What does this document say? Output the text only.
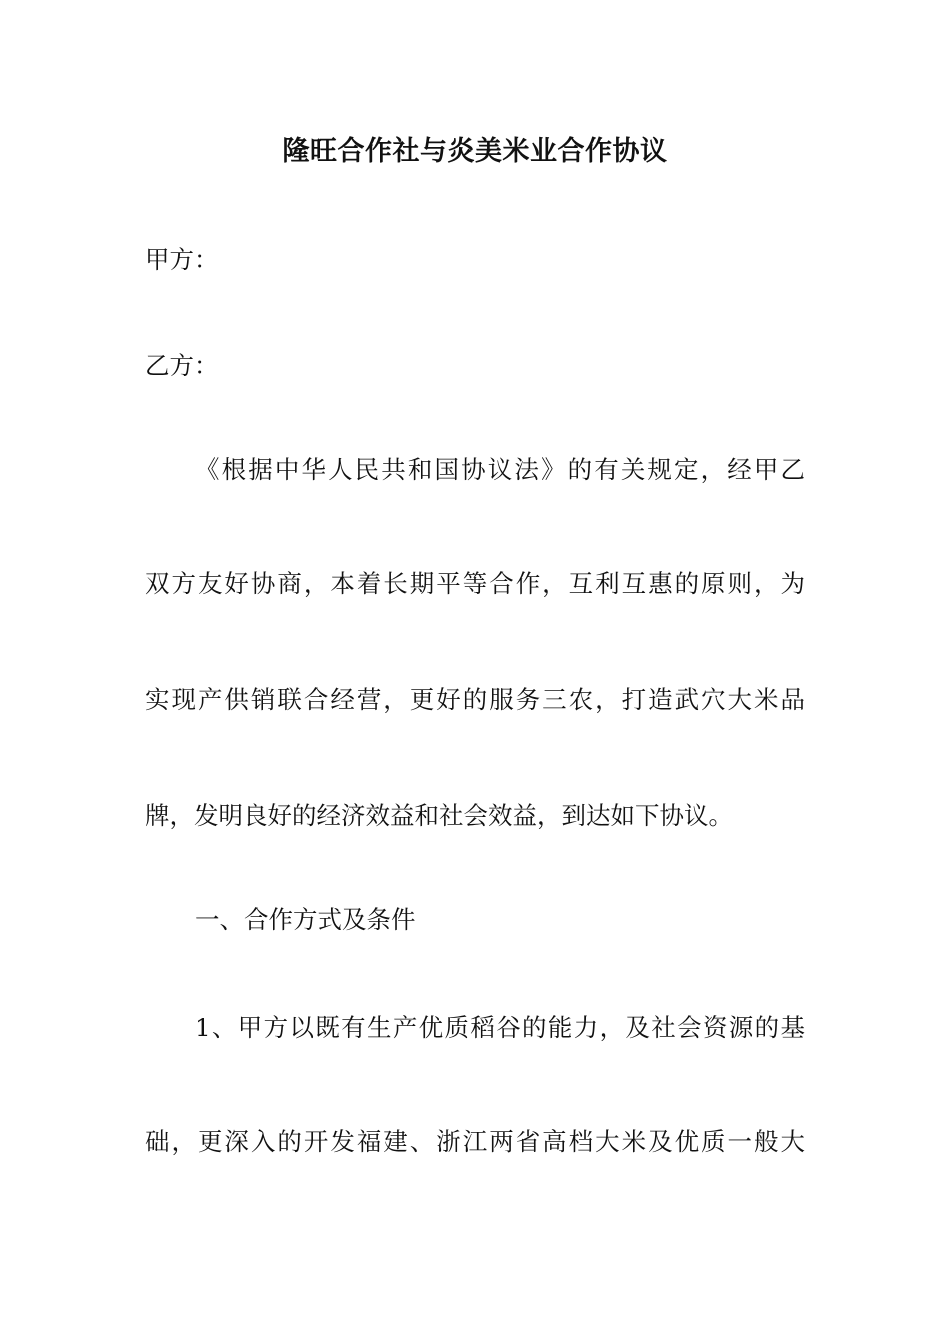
隆旺合作社与炎美米业合作协议

甲方：

乙方：

《根据中华人民共和国协议法》的有关规定，经甲乙

双方友好协商，本着长期平等合作，互利互惠的原则，为

实现产供销联合经营，更好的服务三农，打造武穴大米品

牌，发明良好的经济效益和社会效益，到达如下协议。

一、合作方式及条件

1、甲方以既有生产优质稻谷的能力，及社会资源的基

础，更深入的开发福建、浙江两省高档大米及优质一般大
